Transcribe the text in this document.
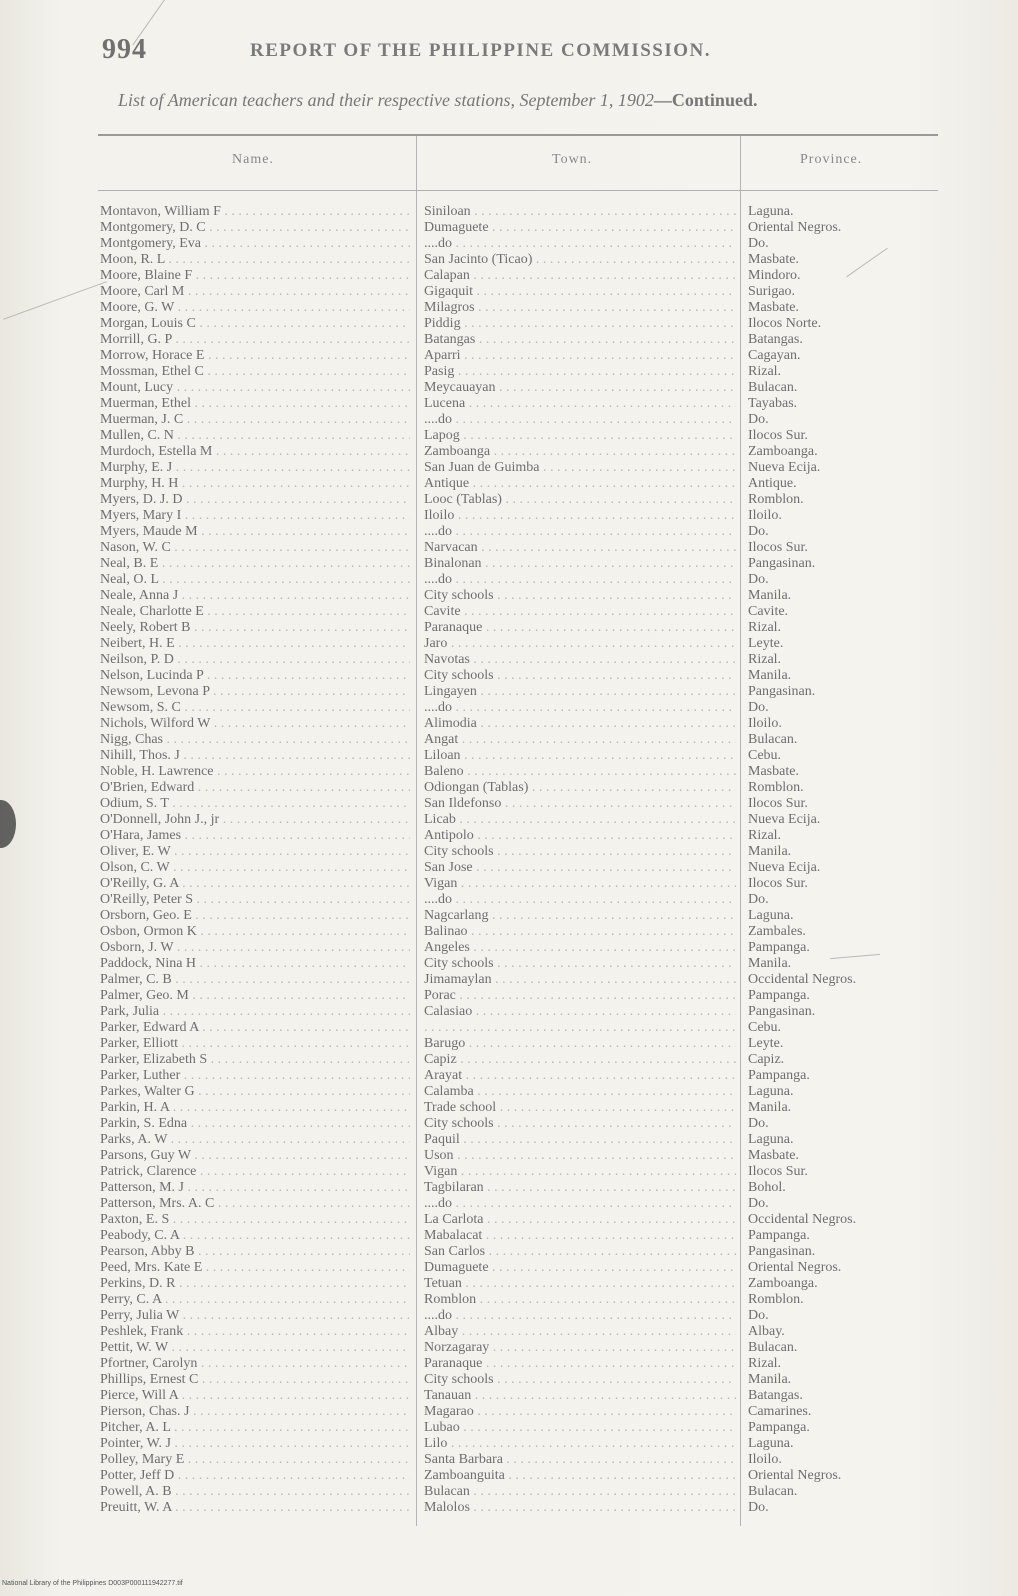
994	REPORT OF THE PHILIPPINE COMMISSION.
List of American teachers and their respective stations, September 1, 1902—Continued.
Name.	Town.	Province.
Montavon, William F . . .	Siniloan . . .	Laguna.
Montgomery, D. C . . .	Dumaguete . . .	Oriental Negros.
Montgomery, Eva . . .	....do . . .	Do.
Moon, R. L . . .	San Jacinto (Ticao) . . .	Masbate.
Moore, Blaine F . . .	Calapan . . .	Mindoro.
Moore, Carl M . . .	Gigaquit . . .	Surigao.
Moore, G. W . . .	Milagros . . .	Masbate.
Morgan, Louis C . . .	Piddig . . .	Ilocos Norte.
Morrill, G. P . . .	Batangas . . .	Batangas.
Morrow, Horace E . . .	Aparri . . .	Cagayan.
Mossman, Ethel C . . .	Pasig . . .	Rizal.
Mount, Lucy . . .	Meycauayan . . .	Bulacan.
Muerman, Ethel . . .	Lucena . . .	Tayabas.
Muerman, J. C . . .	....do . . .	Do.
Mullen, C. N . . .	Lapog . . .	Ilocos Sur.
Murdoch, Estella M . . .	Zamboanga . . .	Zamboanga.
Murphy, E. J . . .	San Juan de Guimba . . .	Nueva Ecija.
Murphy, H. H . . .	Antique . . .	Antique.
Myers, D. J. D . . .	Looc (Tablas) . . .	Romblon.
Myers, Mary I . . .	Iloilo . . .	Iloilo.
Myers, Maude M . . .	....do . . .	Do.
Nason, W. C . . .	Narvacan . . .	Ilocos Sur.
Neal, B. E . . .	Binalonan . . .	Pangasinan.
Neal, O. L . . .	....do . . .	Do.
Neale, Anna J . . .	City schools . . .	Manila.
Neale, Charlotte E . . .	Cavite . . .	Cavite.
Neely, Robert B . . .	Paranaque . . .	Rizal.
Neibert, H. E . . .	Jaro . . .	Leyte.
Neilson, P. D . . .	Navotas . . .	Rizal.
Nelson, Lucinda P . . .	City schools . . .	Manila.
Newsom, Levona P . . .	Lingayen . . .	Pangasinan.
Newsom, S. C . . .	....do . . .	Do.
Nichols, Wilford W . . .	Alimodia . . .	Iloilo.
Nigg, Chas . . .	Angat . . .	Bulacan.
Nihill, Thos. J . . .	Liloan . . .	Cebu.
Noble, H. Lawrence . . .	Baleno . . .	Masbate.
O'Brien, Edward . . .	Odiongan (Tablas) . . .	Romblon.
Odium, S. T . . .	San Ildefonso . . .	Ilocos Sur.
O'Donnell, John J., jr . . .	Licab . . .	Nueva Ecija.
O'Hara, James . . .	Antipolo . . .	Rizal.
Oliver, E. W . . .	City schools . . .	Manila.
Olson, C. W . . .	San Jose . . .	Nueva Ecija.
O'Reilly, G. A . . .	Vigan . . .	Ilocos Sur.
O'Reilly, Peter S . . .	....do . . .	Do.
Orsborn, Geo. E . . .	Nagcarlang . . .	Laguna.
Osbon, Ormon K . . .	Balinao . . .	Zambales.
Osborn, J. W . . .	Angeles . . .	Pampanga.
Paddock, Nina H . . .	City schools . . .	Manila.
Palmer, C. B . . .	Jimamaylan . . .	Occidental Negros.
Palmer, Geo. M . . .	Porac . . .	Pampanga.
Park, Julia . . .	Calasiao . . .	Pangasinan.
Parker, Edward A . . .
. . .	Cebu.
Parker, Elliott . . .	Barugo . . .	Leyte.
Parker, Elizabeth S . . .	Capiz . . .	Capiz.
Parker, Luther . . .	Arayat . . .	Pampanga.
Parkes, Walter G . . .	Calamba . . .	Laguna.
Parkin, H. A . . .	Trade school . . .	Manila.
Parkin, S. Edna . . .	City schools . . .	Do.
Parks, A. W . . .	Paquil . . .	Laguna.
Parsons, Guy W . . .	Uson . . .	Masbate.
Patrick, Clarence . . .	Vigan . . .	Ilocos Sur.
Patterson, M. J . . .	Tagbilaran . . .	Bohol.
Patterson, Mrs. A. C . . .	....do . . .	Do.
Paxton, E. S . . .	La Carlota . . .	Occidental Negros.
Peabody, C. A . . .	Mabalacat . . .	Pampanga.
Pearson, Abby B . . .	San Carlos . . .	Pangasinan.
Peed, Mrs. Kate E . . .	Dumaguete . . .	Oriental Negros.
Perkins, D. R . . .	Tetuan . . .	Zamboanga.
Perry, C. A . . .	Romblon . . .	Romblon.
Perry, Julia W . . .	....do . . .	Do.
Peshlek, Frank . . .	Albay . . .	Albay.
Pettit, W. W . . .	Norzagaray . . .	Bulacan.
Pfortner, Carolyn . . .	Paranaque . . .	Rizal.
Phillips, Ernest C . . .	City schools . . .	Manila.
Pierce, Will A . . .	Tanauan . . .	Batangas.
Pierson, Chas. J . . .	Magarao . . .	Camarines.
Pitcher, A. L . . .	Lubao . . .	Pampanga.
Pointer, W. J . . .	Lilo . . .	Laguna.
Polley, Mary E . . .	Santa Barbara . . .	Iloilo.
Potter, Jeff D . . .	Zamboanguita . . .	Oriental Negros.
Powell, A. B . . .	Bulacan . . .	Bulacan.
Preuitt, W. A . . .	Malolos . . .	Do.
National Library of the Philippines D003P000111942277.tif
